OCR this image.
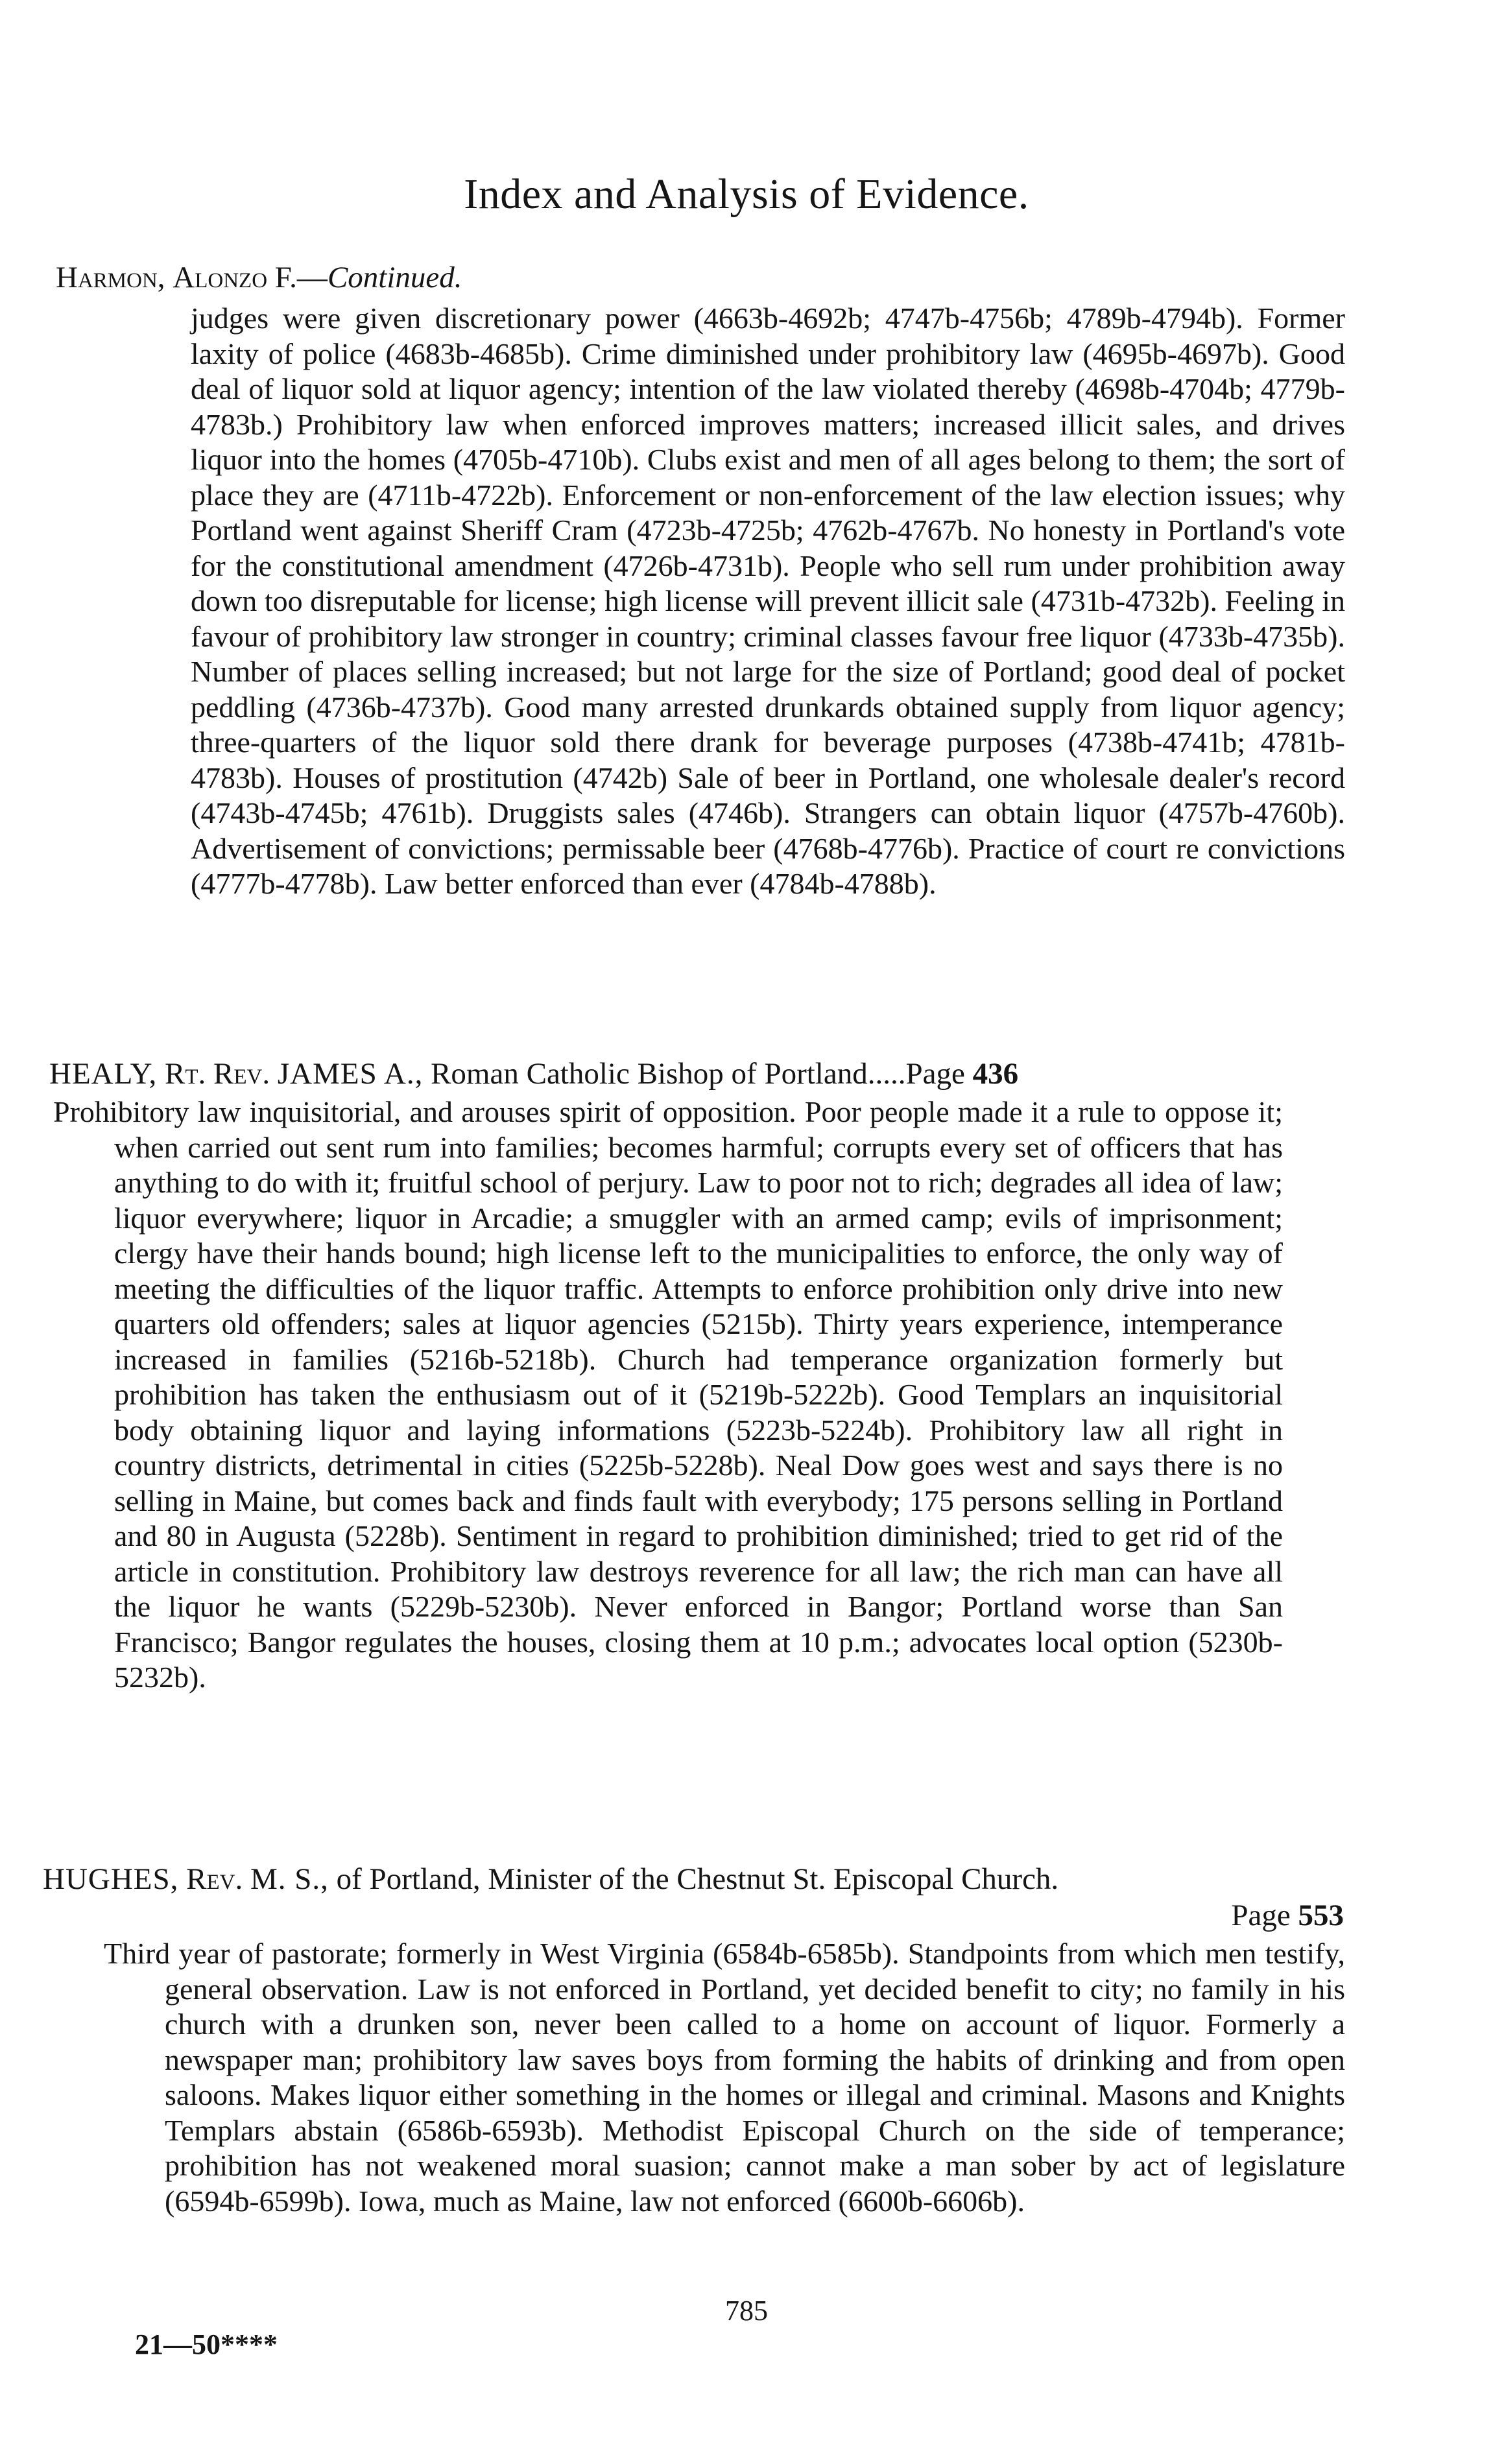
Index and Analysis of Evidence.
Harmon, Alonzo F.—Continued.
judges were given discretionary power (4663b-4692b; 4747b-4756b; 4789b-4794b). Former laxity of police (4683b-4685b). Crime diminished under prohibitory law (4695b-4697b). Good deal of liquor sold at liquor agency; intention of the law violated thereby (4698b-4704b; 4779b-4783b.) Prohibitory law when enforced improves matters; increased illicit sales, and drives liquor into the homes (4705b-4710b). Clubs exist and men of all ages belong to them; the sort of place they are (4711b-4722b). Enforcement or non-enforcement of the law election issues; why Portland went against Sheriff Cram (4723b-4725b; 4762b-4767b. No honesty in Portland's vote for the constitutional amendment (4726b-4731b). People who sell rum under prohibition away down too disreputable for license; high license will prevent illicit sale (4731b-4732b). Feeling in favour of prohibitory law stronger in country; criminal classes favour free liquor (4733b-4735b). Number of places selling increased; but not large for the size of Portland; good deal of pocket peddling (4736b-4737b). Good many arrested drunkards obtained supply from liquor agency; three-quarters of the liquor sold there drank for beverage purposes (4738b-4741b; 4781b-4783b). Houses of prostitution (4742b) Sale of beer in Portland, one wholesale dealer's record (4743b-4745b; 4761b). Druggists sales (4746b). Strangers can obtain liquor (4757b-4760b). Advertisement of convictions; permissable beer (4768b-4776b). Practice of court re convictions (4777b-4778b). Law better enforced than ever (4784b-4788b).
HEALY, Rt. Rev. JAMES A., Roman Catholic Bishop of Portland.....Page 436
Prohibitory law inquisitorial, and arouses spirit of opposition. Poor people made it a rule to oppose it; when carried out sent rum into families; becomes harmful; corrupts every set of officers that has anything to do with it; fruitful school of perjury. Law to poor not to rich; degrades all idea of law; liquor everywhere; liquor in Arcadie; a smuggler with an armed camp; evils of imprisonment; clergy have their hands bound; high license left to the municipalities to enforce, the only way of meeting the difficulties of the liquor traffic. Attempts to enforce prohibition only drive into new quarters old offenders; sales at liquor agencies (5215b). Thirty years experience, intemperance increased in families (5216b-5218b). Church had temperance organization formerly but prohibition has taken the enthusiasm out of it (5219b-5222b). Good Templars an inquisitorial body obtaining liquor and laying informations (5223b-5224b). Prohibitory law all right in country districts, detrimental in cities (5225b-5228b). Neal Dow goes west and says there is no selling in Maine, but comes back and finds fault with everybody; 175 persons selling in Portland and 80 in Augusta (5228b). Sentiment in regard to prohibition diminished; tried to get rid of the article in constitution. Prohibitory law destroys reverence for all law; the rich man can have all the liquor he wants (5229b-5230b). Never enforced in Bangor; Portland worse than San Francisco; Bangor regulates the houses, closing them at 10 p.m.; advocates local option (5230b-5232b).
HUGHES, Rev. M. S., of Portland, Minister of the Chestnut St. Episcopal Church.
Page 553
Third year of pastorate; formerly in West Virginia (6584b-6585b). Standpoints from which men testify, general observation. Law is not enforced in Portland, yet decided benefit to city; no family in his church with a drunken son, never been called to a home on account of liquor. Formerly a newspaper man; prohibitory law saves boys from forming the habits of drinking and from open saloons. Makes liquor either something in the homes or illegal and criminal. Masons and Knights Templars abstain (6586b-6593b). Methodist Episcopal Church on the side of temperance; prohibition has not weakened moral suasion; cannot make a man sober by act of legislature (6594b-6599b). Iowa, much as Maine, law not enforced (6600b-6606b).
785
21—50****
